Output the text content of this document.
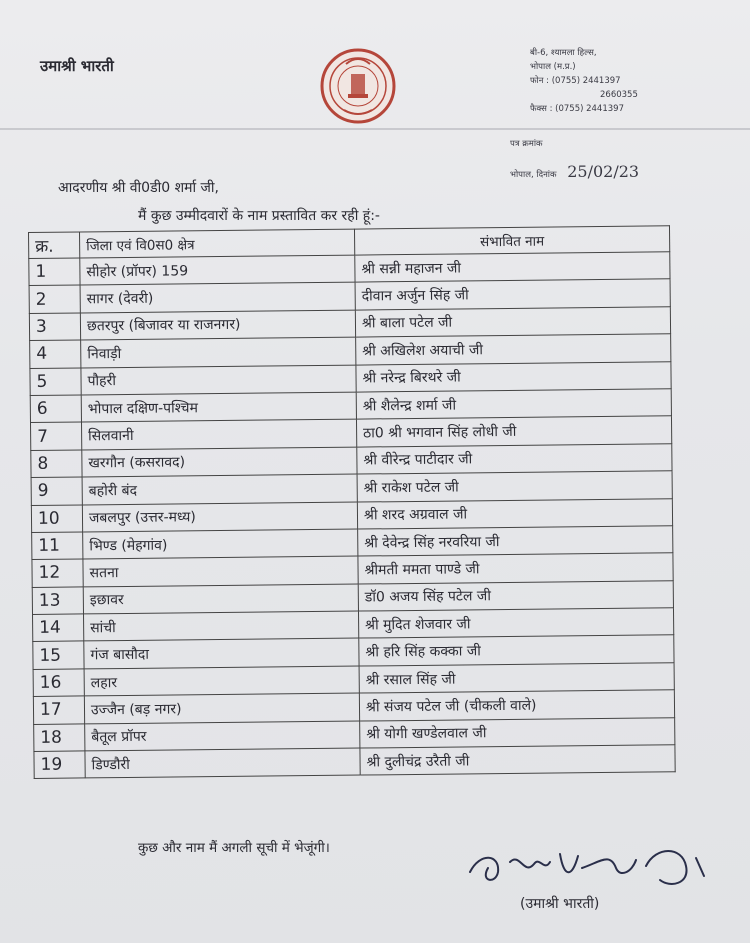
उमाश्री भारती
बी-6, श्यामला हिल्स,
भोपाल (म.प्र.)
फोन : (0755) 2441397
2660355
फैक्स : (0755) 2441397
पत्र क्रमांक
भोपाल, दिनांक 25/02/23
आदरणीय श्री वी0डी0 शर्मा जी,
मैं कुछ उम्मीदवारों के नाम प्रस्तावित कर रही हूं:-
क्र.	जिला एवं वि0स0 क्षेत्र	संभावित नाम
1	सीहोर (प्रॉपर) 159	श्री सन्नी महाजन जी
2	सागर (देवरी)	दीवान अर्जुन सिंह जी
3	छतरपुर (बिजावर या राजनगर)	श्री बाला पटेल जी
4	निवाड़ी	श्री अखिलेश अयाची जी
5	पौहरी	श्री नरेन्द्र बिरथरे जी
6	भोपाल दक्षिण-पश्चिम	श्री शैलेन्द्र शर्मा जी
7	सिलवानी	ठा0 श्री भगवान सिंह लोधी जी
8	खरगौन (कसरावद)	श्री वीरेन्द्र पाटीदार जी
9	बहोरी बंद	श्री राकेश पटेल जी
10	जबलपुर (उत्तर-मध्य)	श्री शरद अग्रवाल जी
11	भिण्ड (मेहगांव)	श्री देवेन्द्र सिंह नरवरिया जी
12	सतना	श्रीमती ममता पाण्डे जी
13	इछावर	डॉ0 अजय सिंह पटेल जी
14	सांची	श्री मुदित शेजवार जी
15	गंज बासौदा	श्री हरि सिंह कक्का जी
16	लहार	श्री रसाल सिंह जी
17	उज्जैन (बड़ नगर)	श्री संजय पटेल जी (चीकली वाले)
18	बैतूल प्रॉपर	श्री योगी खण्डेलवाल जी
19	डिण्डौरी	श्री दुलीचंद्र उरैती जी
कुछ और नाम मैं अगली सूची में भेजूंगी।
(उमाश्री भारती)
